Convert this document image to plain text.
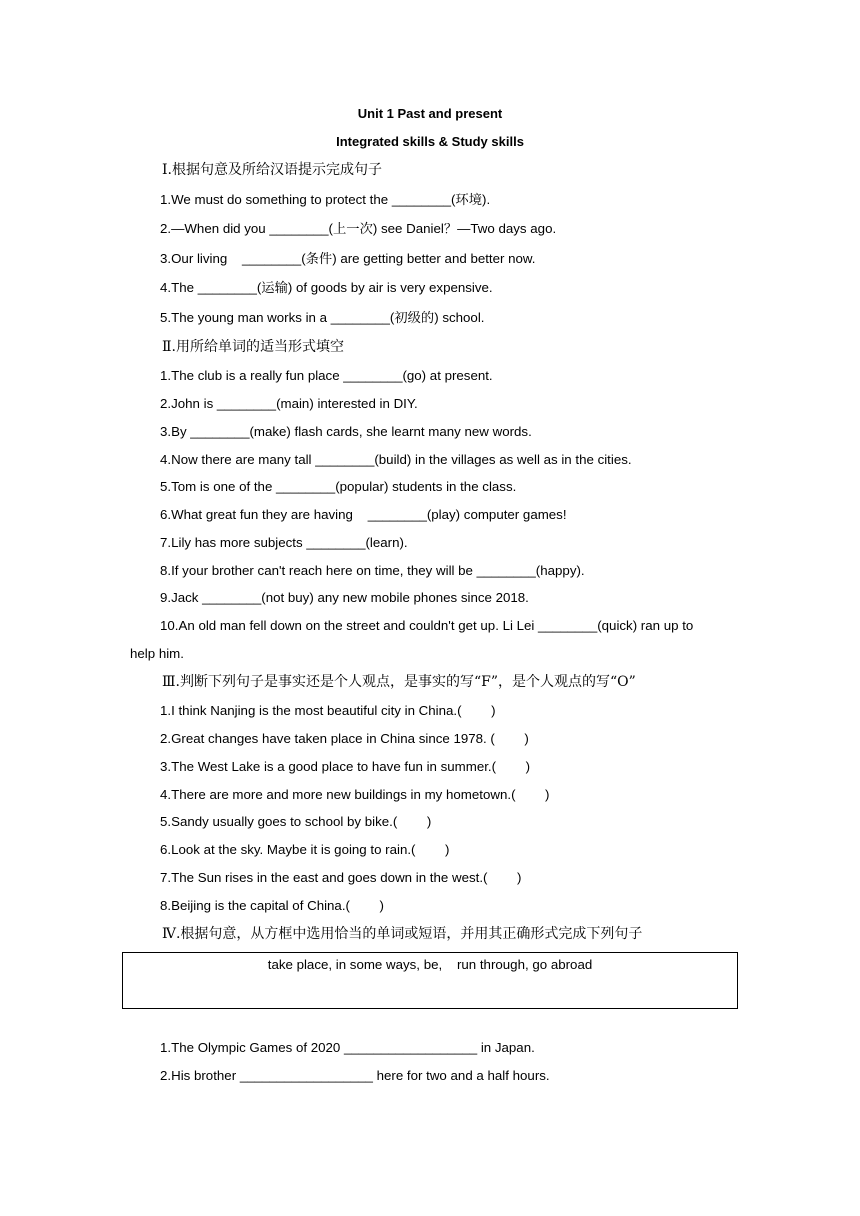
Unit 1 Past and present
Integrated skills & Study skills
Ⅰ.根据句意及所给汉语提示完成句子
1.We must do something to protect the ________(环境).
2.—When did you ________(上一次) see Daniel？—Two days ago.
3.Our living    ________(条件) are getting better and better now.
4.The ________(运输) of goods by air is very expensive.
5.The young man works in a ________(初级的) school.
Ⅱ.用所给单词的适当形式填空
1.The club is a really fun place ________(go) at present.
2.John is ________(main) interested in DIY.
3.By ________(make) flash cards, she learnt many new words.
4.Now there are many tall ________(build) in the villages as well as in the cities.
5.Tom is one of the ________(popular) students in the class.
6.What great fun they are having    ________(play) computer games!
7.Lily has more subjects ________(learn).
8.If your brother can't reach here on time, they will be ________(happy).
9.Jack ________(not buy) any new mobile phones since 2018.
10.An old man fell down on the street and couldn't get up. Li Lei ________(quick) ran up to
help him.
Ⅲ.判断下列句子是事实还是个人观点，是事实的写“F”，是个人观点的写“O”
1.I think Nanjing is the most beautiful city in China.(        )
2.Great changes have taken place in China since 1978. (        )
3.The West Lake is a good place to have fun in summer.(        )
4.There are more and more new buildings in my hometown.(        )
5.Sandy usually goes to school by bike.(        )
6.Look at the sky. Maybe it is going to rain.(        )
7.The Sun rises in the east and goes down in the west.(        )
8.Beijing is the capital of China.(        )
Ⅳ.根据句意，从方框中选用恰当的单词或短语，并用其正确形式完成下列句子
take place, in some ways, be,    run through, go abroad
1.The Olympic Games of 2020 __________________ in Japan.
2.His brother __________________ here for two and a half hours.
